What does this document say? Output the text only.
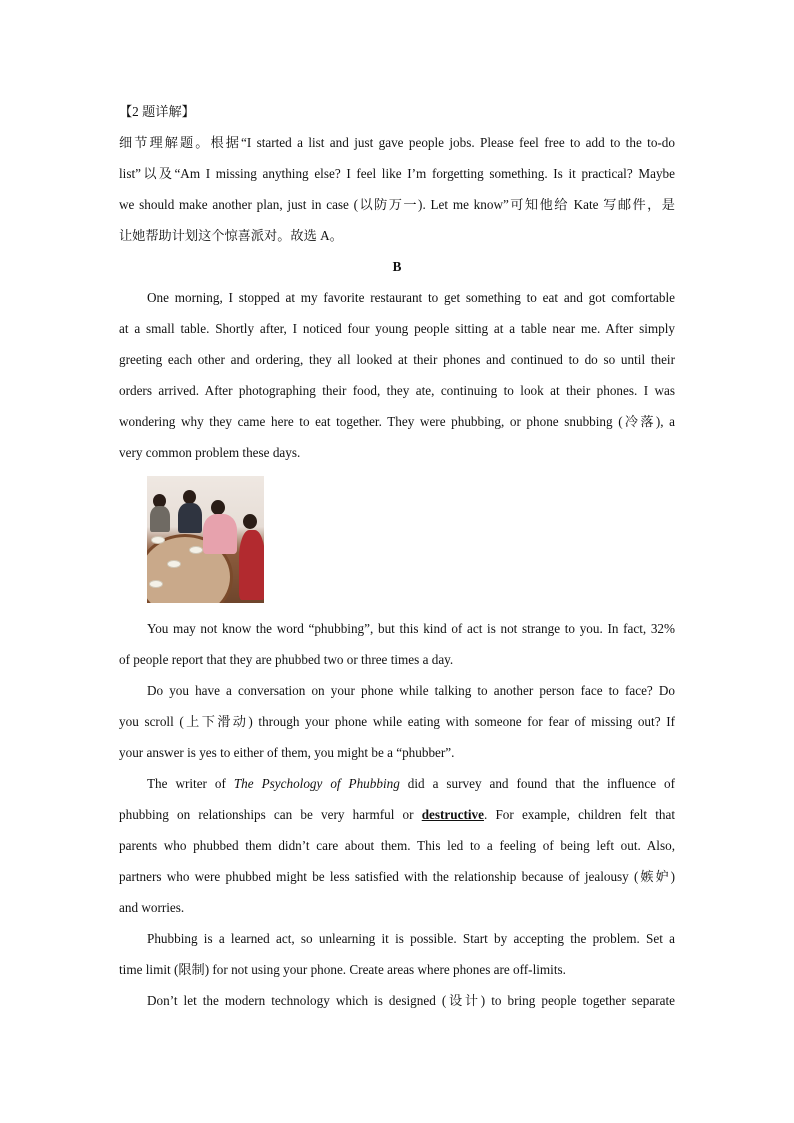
【2 题详解】
细节理解题。根据“I started a list and just gave people jobs. Please feel free to add to the to-do
list”以及“Am I missing anything else? I feel like I’m forgetting something. Is it practical? Maybe
we should make another plan, just in case (以防万一). Let me know”可知他给 Kate 写邮件，是
让她帮助计划这个惊喜派对。故选 A。
B
One morning, I stopped at my favorite restaurant to get something to eat and got comfortable
at a small table. Shortly after, I noticed four young people sitting at a table near me. After simply
greeting each other and ordering, they all looked at their phones and continued to do so until their
orders arrived. After photographing their food, they ate, continuing to look at their phones. I was
wondering why they came here to eat together. They were phubbing, or phone snubbing (冷落), a
very common problem these days.
You may not know the word “phubbing”, but this kind of act is not strange to you. In fact, 32%
of people report that they are phubbed two or three times a day.
Do you have a conversation on your phone while talking to another person face to face? Do
you scroll (上下滑动) through your phone while eating with someone for fear of missing out? If
your answer is yes to either of them, you might be a “phubber”.
The writer of The Psychology of Phubbing did a survey and found that the influence of
phubbing on relationships can be very harmful or destructive. For example, children felt that
parents who phubbed them didn’t care about them. This led to a feeling of being left out. Also,
partners who were phubbed might be less satisfied with the relationship because of jealousy (嫉妒)
and worries.
Phubbing is a learned act, so unlearning it is possible. Start by accepting the problem. Set a
time limit (限制) for not using your phone. Create areas where phones are off-limits.
Don’t let the modern technology which is designed (设计) to bring people together separate
